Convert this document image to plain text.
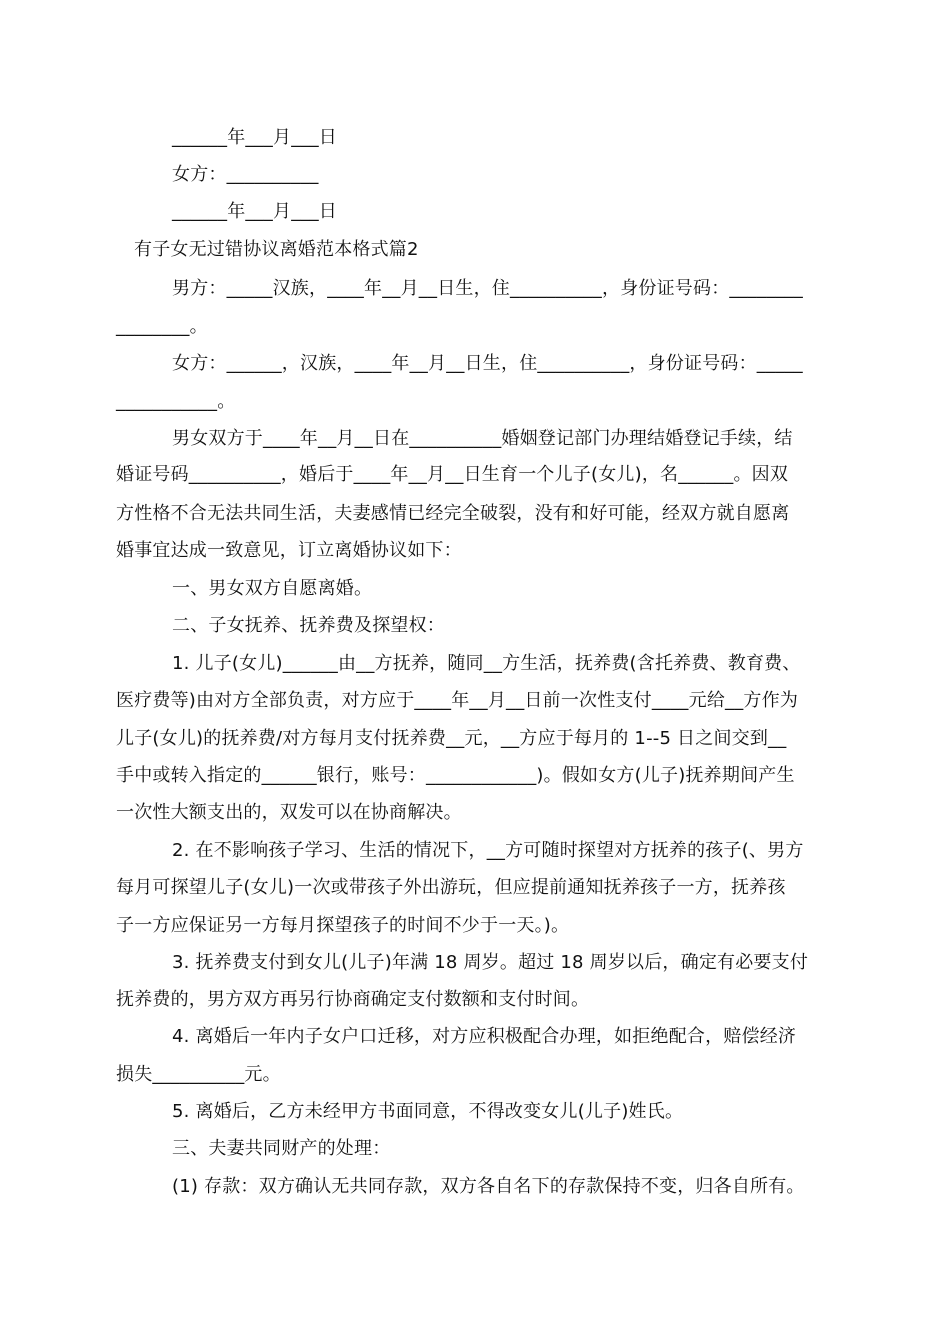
______年___月___日
女方：__________
______年___月___日
有子女无过错协议离婚范本格式篇2
男方：_____汉族，____年__月__日生，住__________，身份证号码：________
________。
女方：______，汉族，____年__月__日生，住__________，身份证号码：_____
___________。
男女双方于____年__月__日在__________婚姻登记部门办理结婚登记手续，结
婚证号码__________，婚后于____年__月__日生育一个儿子(女儿)，名______。因双
方性格不合无法共同生活，夫妻感情已经完全破裂，没有和好可能，经双方就自愿离
婚事宜达成一致意见，订立离婚协议如下：
一、男女双方自愿离婚。
二、子女抚养、抚养费及探望权：
1. 儿子(女儿)______由__方抚养，随同__方生活，抚养费(含托养费、教育费、
医疗费等)由对方全部负责，对方应于____年__月__日前一次性支付____元给__方作为
儿子(女儿)的抚养费/对方每月支付抚养费__元，__方应于每月的 1--5 日之间交到__
手中或转入指定的______银行，账号：____________)。假如女方(儿子)抚养期间产生
一次性大额支出的，双发可以在协商解决。
2. 在不影响孩子学习、生活的情况下，__方可随时探望对方抚养的孩子(、男方
每月可探望儿子(女儿)一次或带孩子外出游玩，但应提前通知抚养孩子一方，抚养孩
子一方应保证另一方每月探望孩子的时间不少于一天。)。
3. 抚养费支付到女儿(儿子)年满 18 周岁。超过 18 周岁以后，确定有必要支付
抚养费的，男方双方再另行协商确定支付数额和支付时间。
4. 离婚后一年内子女户口迁移，对方应积极配合办理，如拒绝配合，赔偿经济
损失__________元。
5. 离婚后，乙方未经甲方书面同意，不得改变女儿(儿子)姓氏。
三、夫妻共同财产的处理：
(1) 存款：双方确认无共同存款，双方各自名下的存款保持不变，归各自所有。
